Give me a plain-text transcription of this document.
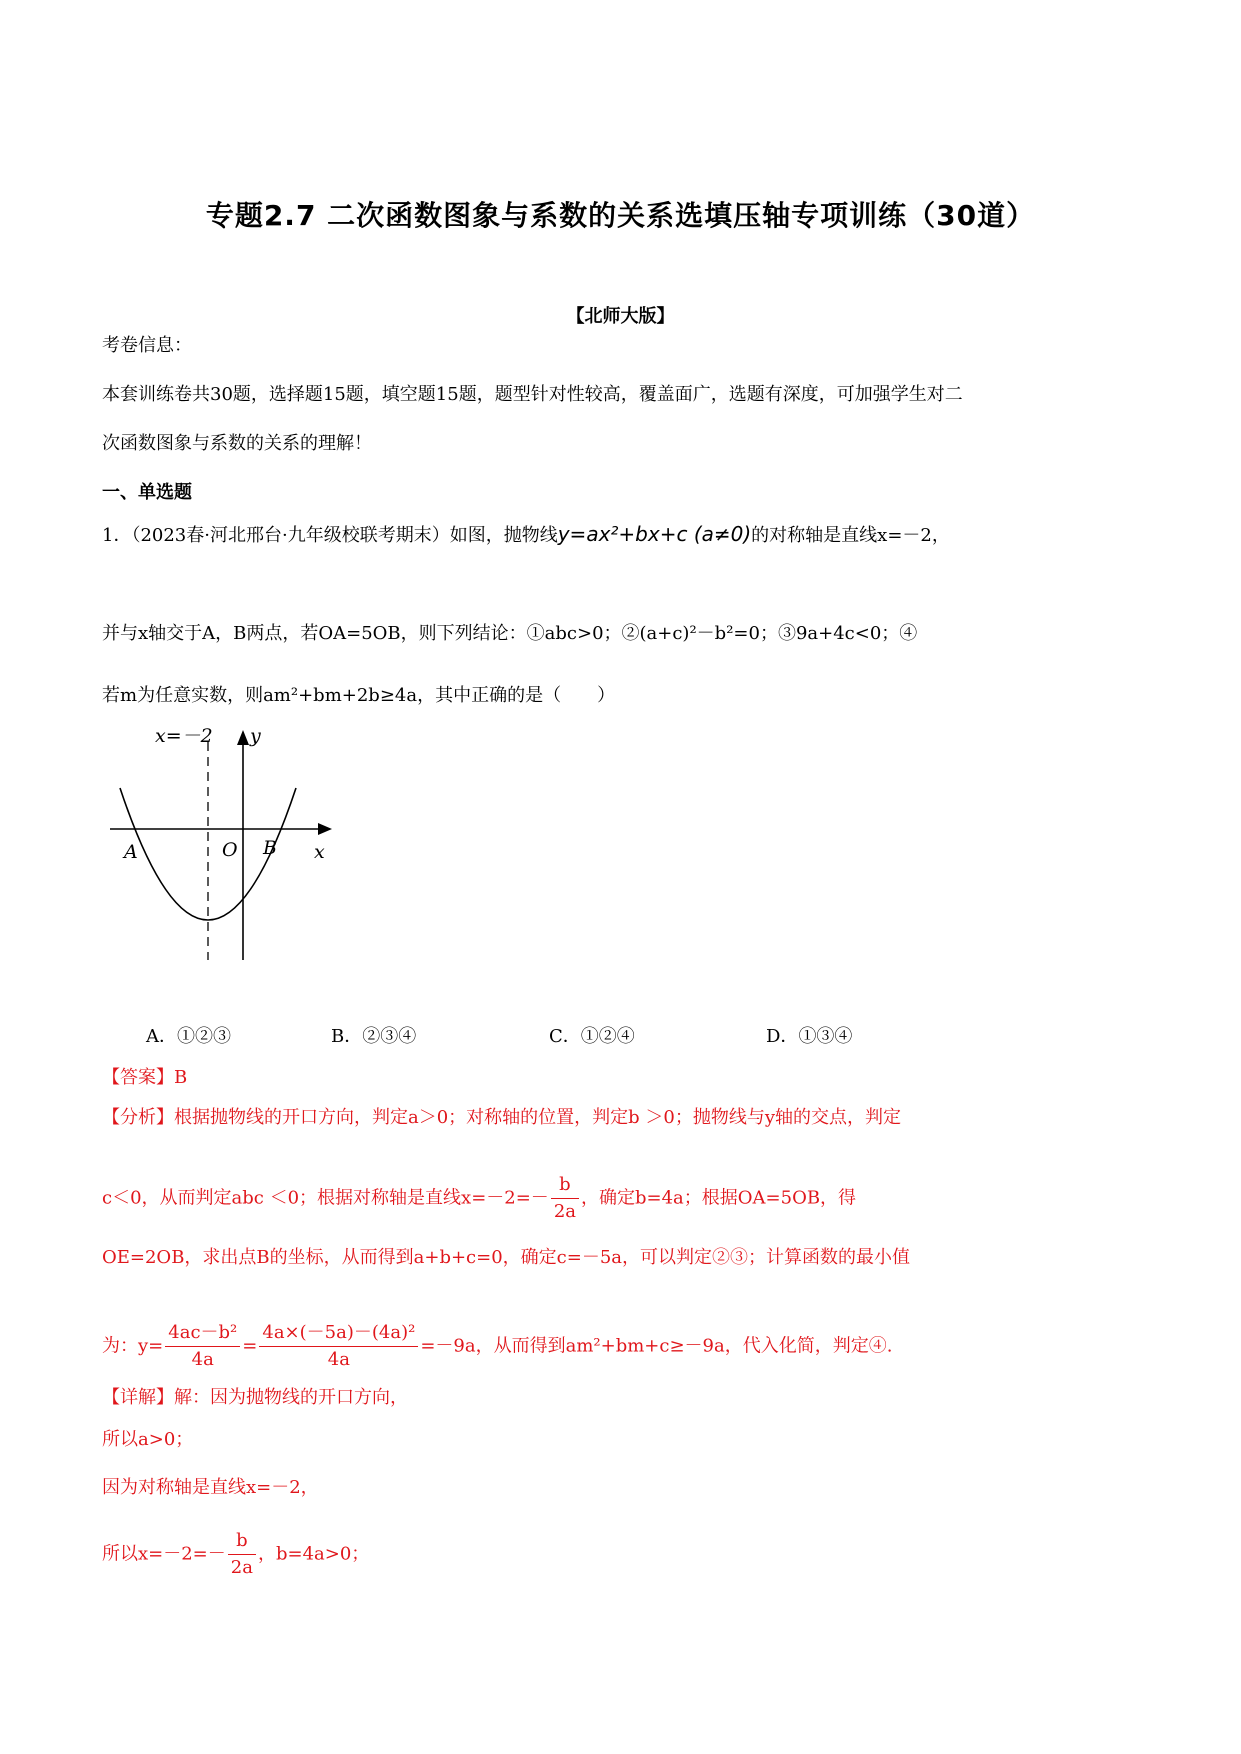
专题2.7 二次函数图象与系数的关系选填压轴专项训练（30道）
【北师大版】
考卷信息：
本套训练卷共30题，选择题15题，填空题15题，题型针对性较高，覆盖面广，选题有深度，可加强学生对二
次函数图象与系数的关系的理解！
一、单选题
1．（2023春·河北邢台·九年级校联考期末）如图，抛物线y=ax²+bx+c (a≠0)的对称轴是直线x=－2，
并与x轴交于A，B两点，若OA=5OB，则下列结论：①abc>0；②(a+c)²－b²=0；③9a+4c<0；④
若m为任意实数，则am²+bm+2b≥4a，其中正确的是（　　）
x=－2 y
x
A	O B
A．①②③	B．②③④	C．①②④	D．①③④
【答案】B
【分析】根据抛物线的开口方向，判定a＞0；对称轴的位置，判定b ＞0；抛物线与y轴的交点，判定
c＜0，从而判定abc ＜0；根据对称轴是直线$x=-2=- \frac{b}{2a}$ ，确定b=4a；根据OA=5OB，得
OE=2OB，求出点B的坐标，从而得到a+b+c=0，确定c=－5a，可以判定②③；计算函数的最小值
为：$y= \frac{\text{4ac－b²}}{4a} = \frac{\text{4a×(－5a)－(4a)²}}{4a} =-9a$，从而得到am²+bm+c≥－9a，代入化简，判定④.
【详解】解：因为抛物线的开口方向，
所以a>0；
因为对称轴是直线x=－2，
所以$x=-2=- \frac{b}{2a}$ ，b=4a>0；
